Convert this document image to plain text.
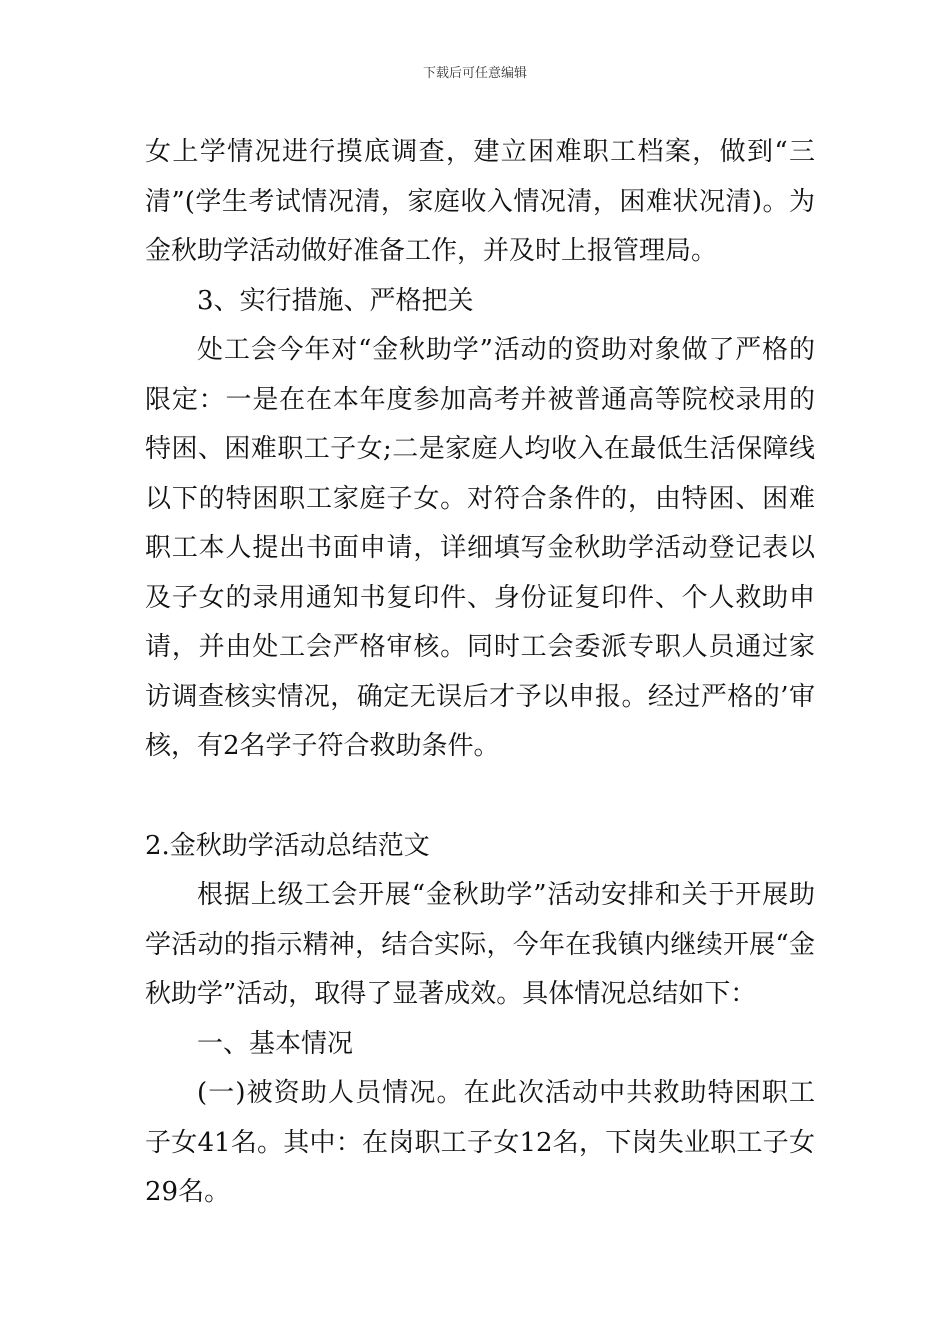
下载后可任意编辑

女上学情况进行摸底调查，建立困难职工档案，做到“三清”(学生考试情况清，家庭收入情况清，困难状况清)。为金秋助学活动做好准备工作，并及时上报管理局。

3、实行措施、严格把关

处工会今年对“金秋助学”活动的资助对象做了严格的限定：一是在在本年度参加高考并被普通高等院校录用的特困、困难职工子女;二是家庭人均收入在最低生活保障线以下的特困职工家庭子女。对符合条件的，由特困、困难职工本人提出书面申请，详细填写金秋助学活动登记表以及子女的录用通知书复印件、身份证复印件、个人救助申请，并由处工会严格审核。同时工会委派专职人员通过家访调查核实情况，确定无误后才予以申报。经过严格的’审核，有2名学子符合救助条件。

2.金秋助学活动总结范文

根据上级工会开展“金秋助学”活动安排和关于开展助学活动的指示精神，结合实际，今年在我镇内继续开展“金秋助学”活动，取得了显著成效。具体情况总结如下：

一、基本情况

(一)被资助人员情况。在此次活动中共救助特困职工子女41名。其中：在岗职工子女12名，下岗失业职工子女29名。
